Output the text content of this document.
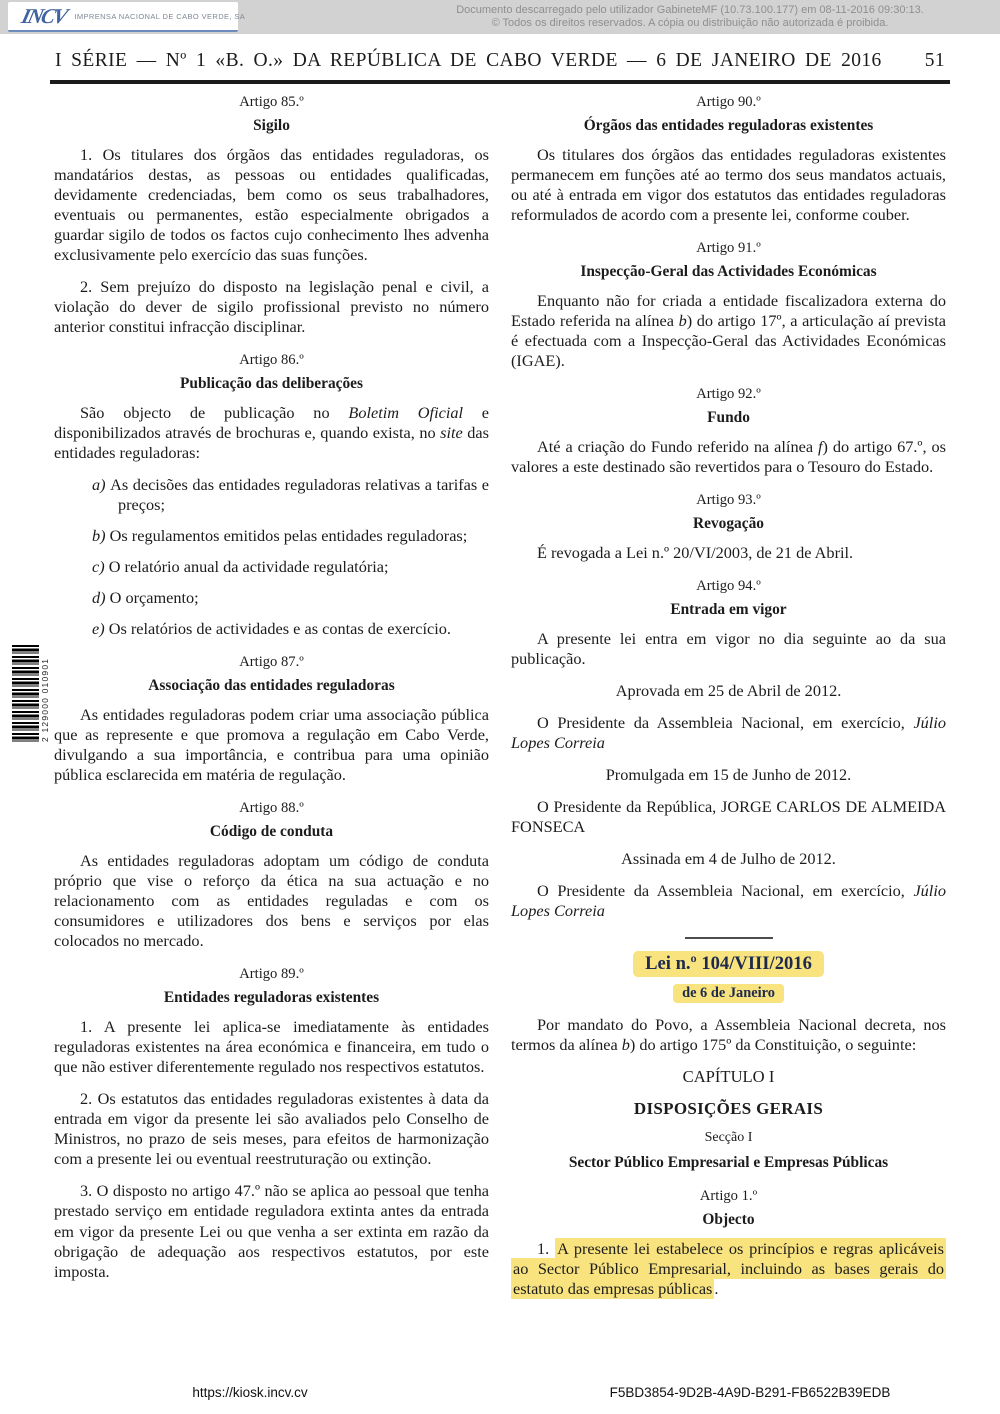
INCV IMPRENSA NACIONAL DE CABO VERDE, SA	Documento descarregado pelo utilizador GabineteMF (10.73.100.177) em 08-11-2016 09:30:13.
© Todos os direitos reservados. A cópia ou distribuição não autorizada é proibida.
I SÉRIE — Nº 1 «B. O.» DA REPÚBLICA DE CABO VERDE — 6 DE JANEIRO DE 2016 51
Artigo 85.º
Sigilo

1. Os titulares dos órgãos das entidades reguladoras, os mandatários destas, as pessoas ou entidades qualificadas, devidamente credenciadas, bem como os seus trabalhadores, eventuais ou permanentes, estão especialmente obrigados a guardar sigilo de todos os factos cujo conhecimento lhes advenha exclusivamente pelo exercício das suas funções.

2. Sem prejuízo do disposto na legislação penal e civil, a violação do dever de sigilo profissional previsto no número anterior constitui infracção disciplinar.

Artigo 86.º
Publicação das deliberações

São objecto de publicação no Boletim Oficial e disponibilizados através de brochuras e, quando exista, no site das entidades reguladoras:

a) As decisões das entidades reguladoras relativas a tarifas e preços;
b) Os regulamentos emitidos pelas entidades reguladoras;
c) O relatório anual da actividade regulatória;
d) O orçamento;
e) Os relatórios de actividades e as contas de exercício.
Artigo 87.º
Associação das entidades reguladoras

As entidades reguladoras podem criar uma associação pública que as represente e que promova a regulação em Cabo Verde, divulgando a sua importância, e contribua para uma opinião pública esclarecida em matéria de regulação.

Artigo 88.º
Código de conduta

As entidades reguladoras adoptam um código de conduta próprio que vise o reforço da ética na sua actuação e no relacionamento com as entidades reguladas e com os consumidores e utilizadores dos bens e serviços por elas colocados no mercado.

Artigo 89.º
Entidades reguladoras existentes

1. A presente lei aplica-se imediatamente às entidades reguladoras existentes na área económica e financeira, em tudo o que não estiver diferentemente regulado nos respectivos estatutos.

2. Os estatutos das entidades reguladoras existentes à data da entrada em vigor da presente lei são avaliados pelo Conselho de Ministros, no prazo de seis meses, para efeitos de harmonização com a presente lei ou eventual reestruturação ou extinção.

3. O disposto no artigo 47.º não se aplica ao pessoal que tenha prestado serviço em entidade reguladora extinta antes da entrada em vigor da presente Lei ou que venha a ser extinta em razão da obrigação de adequação aos respectivos estatutos, por este imposta.

Artigo 90.º
Órgãos das entidades reguladoras existentes

Os titulares dos órgãos das entidades reguladoras existentes permanecem em funções até ao termo dos seus mandatos actuais, ou até à entrada em vigor dos estatutos das entidades reguladoras reformulados de acordo com a presente lei, conforme couber.

Artigo 91.º
Inspecção-Geral das Actividades Económicas

Enquanto não for criada a entidade fiscalizadora externa do Estado referida na alínea b) do artigo 17º, a articulação aí prevista é efectuada com a Inspecção-Geral das Actividades Económicas (IGAE).

Artigo 92.º
Fundo

Até a criação do Fundo referido na alínea f) do artigo 67.º, os valores a este destinado são revertidos para o Tesouro do Estado.

Artigo 93.º
Revogação

É revogada a Lei n.º 20/VI/2003, de 21 de Abril.

Artigo 94.º
Entrada em vigor

A presente lei entra em vigor no dia seguinte ao da sua publicação.

Aprovada em 25 de Abril de 2012.

O Presidente da Assembleia Nacional, em exercício, Júlio Lopes Correia

Promulgada em 15 de Junho de 2012.

O Presidente da República, JORGE CARLOS DE ALMEIDA FONSECA

Assinada em 4 de Julho de 2012.

O Presidente da Assembleia Nacional, em exercício, Júlio Lopes Correia

Lei n.º 104/VIII/2016
de 6 de Janeiro

Por mandato do Povo, a Assembleia Nacional decreta, nos termos da alínea b) do artigo 175º da Constituição, o seguinte:

CAPÍTULO I
DISPOSIÇÕES GERAIS
Secção I
Sector Público Empresarial e Empresas Públicas
Artigo 1.º
Objecto

1. A presente lei estabelece os princípios e regras aplicáveis ao Sector Público Empresarial, incluindo as bases gerais do estatuto das empresas públicas .

2 129000 010901
https://kiosk.incv.cv	F5BD3854-9D2B-4A9D-B291-FB6522B39EDB
